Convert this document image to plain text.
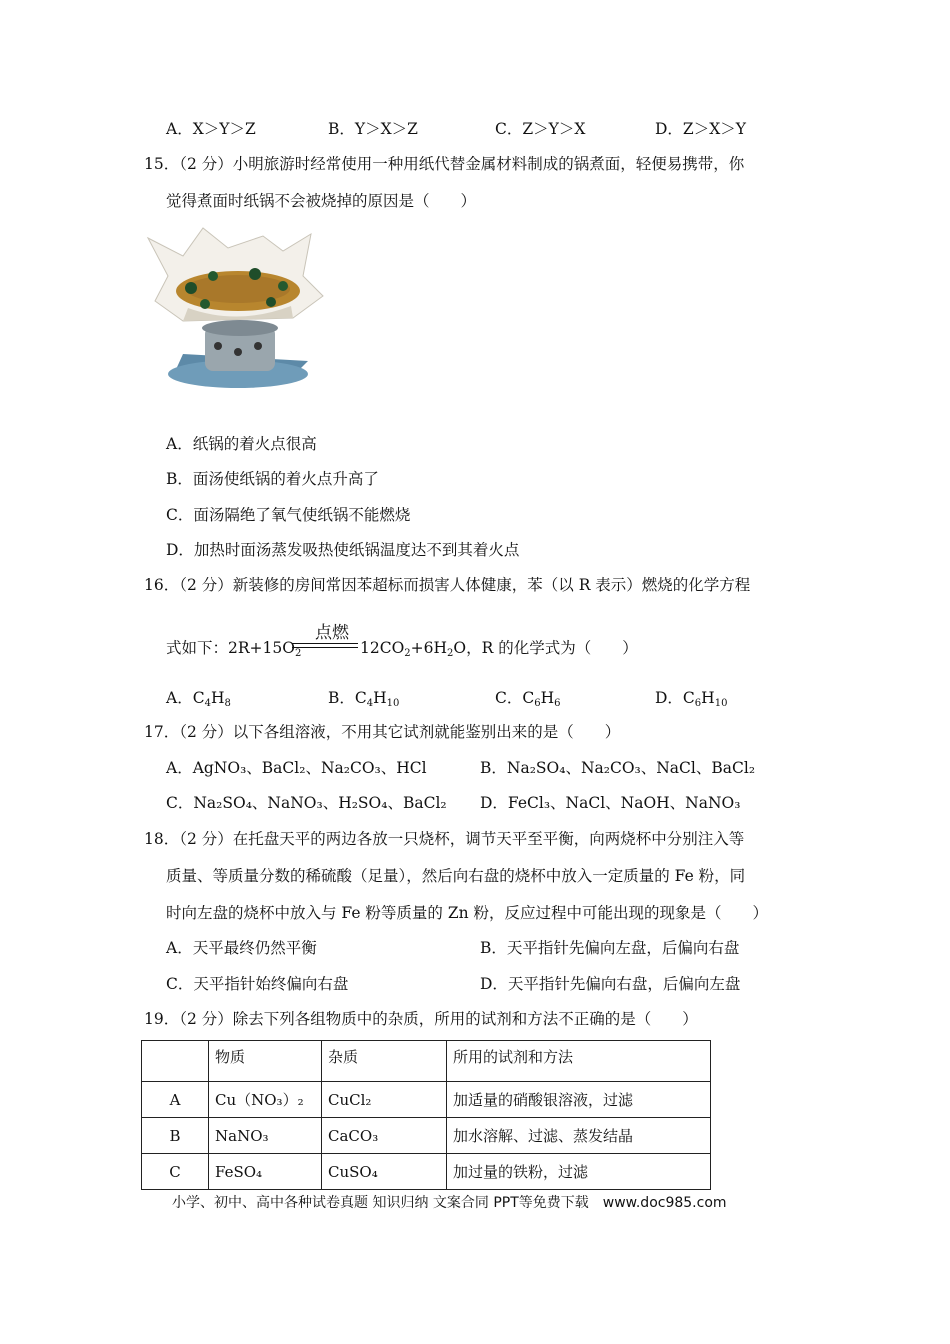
A．X＞Y＞Z	B．Y＞X＞Z	C．Z＞Y＞X	D．Z＞X＞Y
15．（2 分）小明旅游时经常使用一种用纸代替金属材料制成的锅煮面，轻便易携带，你
觉得煮面时纸锅不会被烧掉的原因是（　　）
A．纸锅的着火点很高
B．面汤使纸锅的着火点升高了
C．面汤隔绝了氧气使纸锅不能燃烧
D．加热时面汤蒸发吸热使纸锅温度达不到其着火点
16．（2 分）新装修的房间常因苯超标而损害人体健康，苯（以 R 表示）燃烧的化学方程
点燃
式如下：$2R+15O_2$	$12CO_2+6H_2O$，R 的化学式为（　　）
A．$C_4H_8$	B．$C_4H_{10}$	C．$C_6H_6$	D．$C_6H_{10}$
17．（2 分）以下各组溶液，不用其它试剂就能鉴别出来的是（　　）
A．AgNO₃、BaCl₂、Na₂CO₃、HCl	B．Na₂SO₄、Na₂CO₃、NaCl、BaCl₂
C．Na₂SO₄、NaNO₃、H₂SO₄、BaCl₂ D．FeCl₃、NaCl、NaOH、NaNO₃
18．（2 分）在托盘天平的两边各放一只烧杯，调节天平至平衡，向两烧杯中分别注入等
质量、等质量分数的稀硫酸（足量），然后向右盘的烧杯中放入一定质量的 Fe 粉，同
时向左盘的烧杯中放入与 Fe 粉等质量的 Zn 粉，反应过程中可能出现的现象是（　　）
A．天平最终仍然平衡	B．天平指针先偏向左盘，后偏向右盘
C．天平指针始终偏向右盘	D．天平指针先偏向右盘，后偏向左盘
19．（2 分）除去下列各组物质中的杂质，所用的试剂和方法不正确的是（　　）
	物质	杂质	所用的试剂和方法
A	Cu（NO₃）₂	CuCl₂	加适量的硝酸银溶液，过滤
B	NaNO₃	CaCO₃	加水溶解、过滤、蒸发结晶
C	FeSO₄	CuSO₄	加过量的铁粉，过滤
小学、初中、高中各种试卷真题 知识归纳 文案合同 PPT等免费下载　www.doc985.com
